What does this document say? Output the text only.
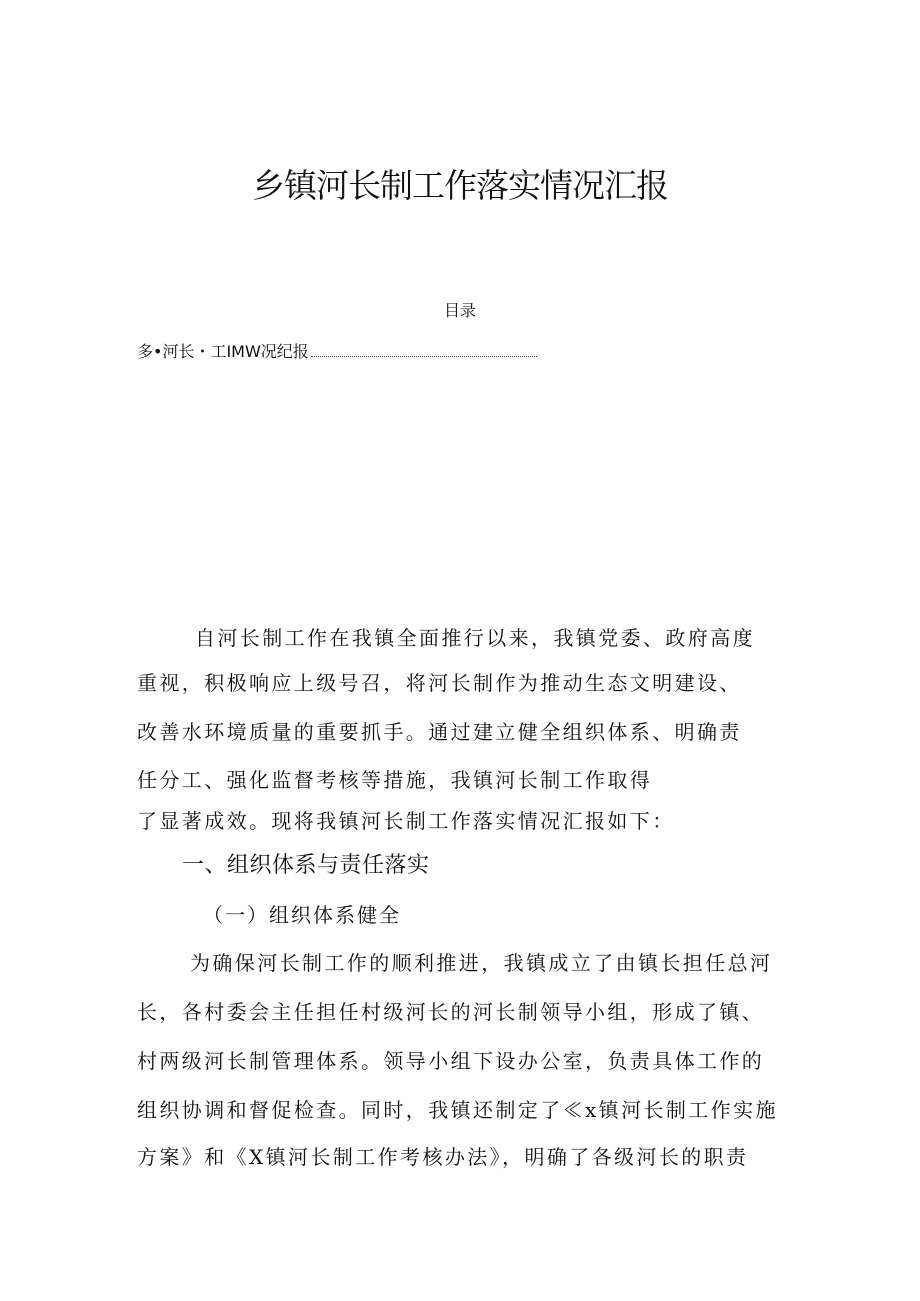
乡镇河长制工作落实情况汇报
目录
多•河长・工IMW况纪报
自河长制工作在我镇全面推行以来，我镇党委、政府高度
重视，积极响应上级号召，将河长制作为推动生态文明建设、
改善水环境质量的重要抓手。通过建立健全组织体系、明确责
任分工、强化监督考核等措施，我镇河长制工作取得
了显著成效。现将我镇河长制工作落实情况汇报如下：
一、组织体系与责任落实
（一）组织体系健全
为确保河长制工作的顺利推进，我镇成立了由镇长担任总河
长，各村委会主任担任村级河长的河长制领导小组，形成了镇、
村两级河长制管理体系。领导小组下设办公室，负责具体工作的
组织协调和督促检查。同时，我镇还制定了≪x镇河长制工作实施
方案》和《X镇河长制工作考核办法》，明确了各级河长的职责
